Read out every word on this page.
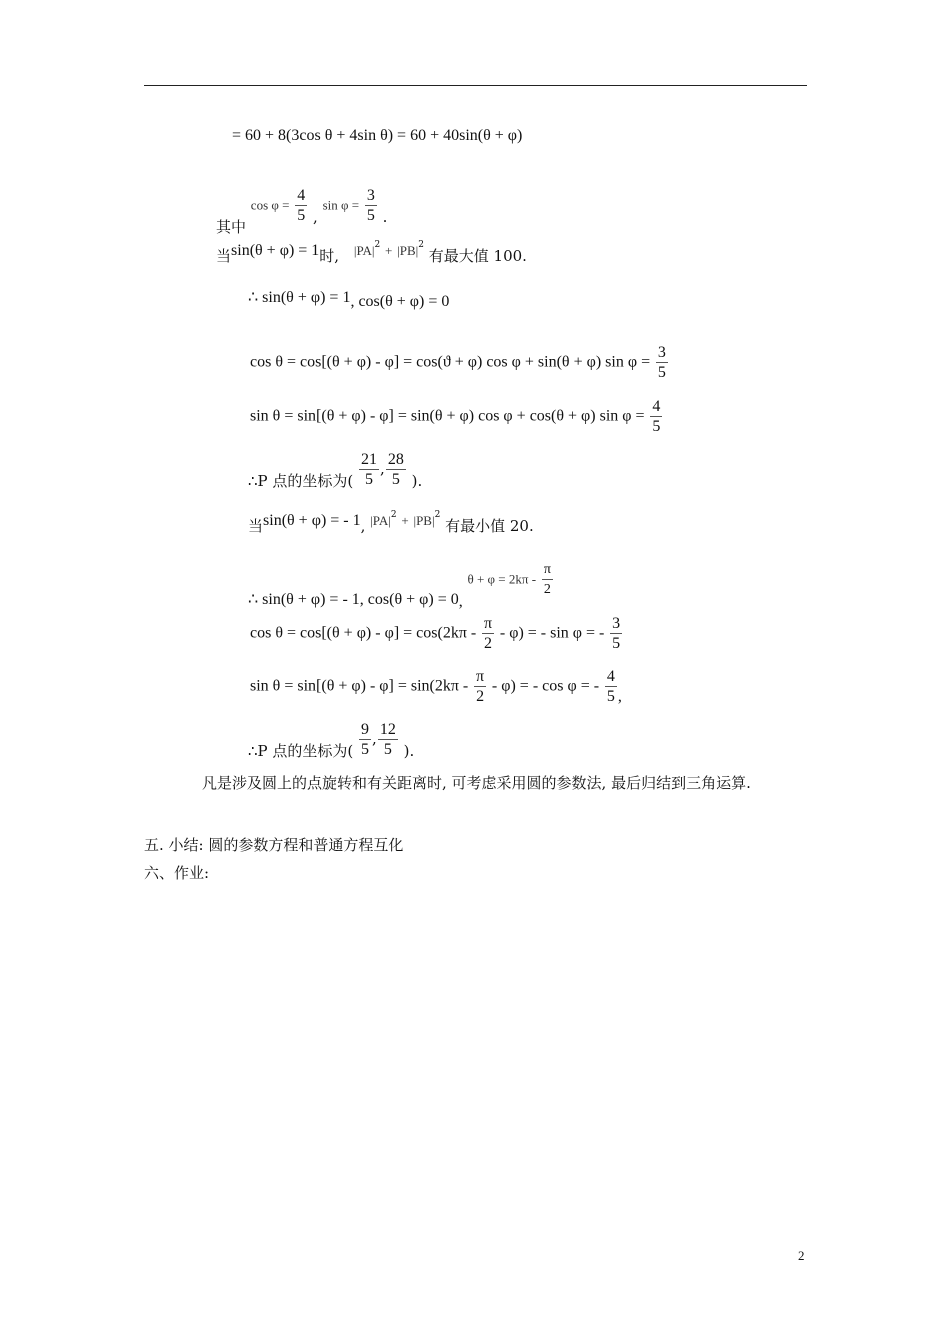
= 60 + 8(3cos θ + 4sin θ) = 60 + 40sin(θ + φ)
其中 $\cos \varphi = \frac{4}{5}$ , $\sin \varphi = \frac{3}{5}$ .
当sin(θ + φ) = 1时, $|PA|^2 + |PB|^2$ 有最大值 100.
∴ sin(θ + φ) = 1, cos(θ + φ) = 0
cos θ = cos[(θ + φ) - φ] = cos(ϑ + φ) cos φ + sin(θ + φ) $\sin \varphi = \frac{3}{5}$
sin θ = sin[(θ + φ) - φ] = sin(θ + φ) cos φ + cos(θ + φ) $\sin \varphi = \frac{4}{5}$
∴P 点的坐标为( $\frac{21}{5}$ , $\frac{28}{5}$ ).
当sin(θ + φ) = - 1, $|PA|^2 + |PB|^2$ 有最小值 20.
∴ sin(θ + φ) = - 1, cos(θ + φ) = 0, $\theta + \varphi = 2k\pi - \frac{\pi}{2}$
$\cos \theta = \cos[(\theta + \varphi) - \varphi] = \cos(2k\pi - \frac{\pi}{2} - \varphi)$ = - sin φ = - $\frac{3}{5}$
$\sin \theta = \sin[(\theta + \varphi) - \varphi] = \sin(2k\pi - \frac{\pi}{2} - \varphi)$ = - cos φ = - $\frac{4}{5}$ ,
∴P 点的坐标为( $\frac{9}{5}$ , $\frac{12}{5}$ ).
凡是涉及圆上的点旋转和有关距离时, 可考虑采用圆的参数法, 最后归结到三角运算.
五. 小结: 圆的参数方程和普通方程互化
六、作业:
2
